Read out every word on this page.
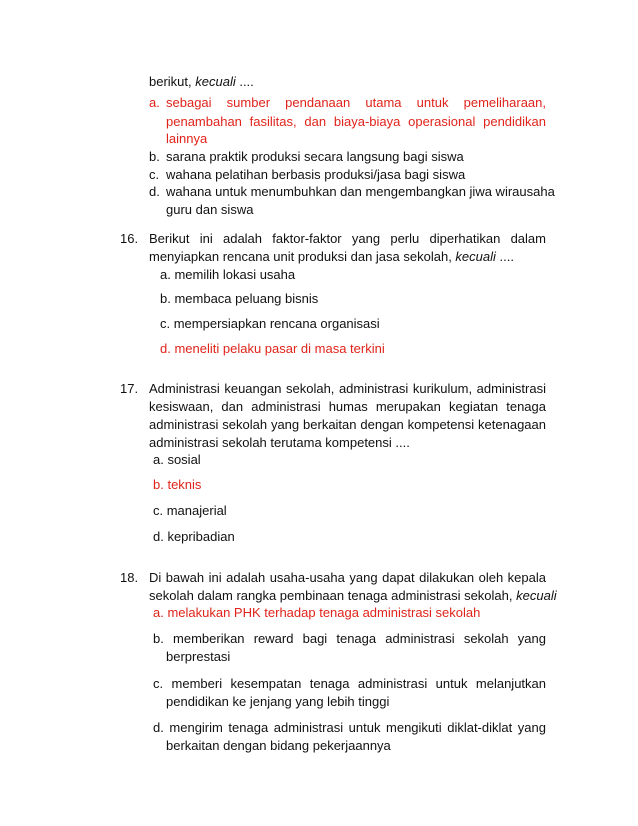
berikut, kecuali ....
a. sebagai sumber pendanaan utama untuk pemeliharaan,
penambahan fasilitas, dan biaya-biaya operasional pendidikan
lainnya
b. sarana praktik produksi secara langsung bagi siswa
c. wahana pelatihan berbasis produksi/jasa bagi siswa
d. wahana untuk menumbuhkan dan mengembangkan jiwa wirausaha
guru dan siswa
16. Berikut ini adalah faktor-faktor yang perlu diperhatikan dalam
menyiapkan rencana unit produksi dan jasa sekolah, kecuali ....
a. memilih lokasi usaha
b. membaca peluang bisnis
c. mempersiapkan rencana organisasi
d. meneliti pelaku pasar di masa terkini
17. Administrasi keuangan sekolah, administrasi kurikulum, administrasi
kesiswaan, dan administrasi humas merupakan kegiatan tenaga
administrasi sekolah yang berkaitan dengan kompetensi ketenagaan
administrasi sekolah terutama kompetensi ....
a. sosial
b. teknis
c. manajerial
d. kepribadian
18. Di bawah ini adalah usaha-usaha yang dapat dilakukan oleh kepala
sekolah dalam rangka pembinaan tenaga administrasi sekolah, kecuali
a. melakukan PHK terhadap tenaga administrasi sekolah
b. memberikan reward bagi tenaga administrasi sekolah yang
berprestasi
c. memberi kesempatan tenaga administrasi untuk melanjutkan
pendidikan ke jenjang yang lebih tinggi
d. mengirim tenaga administrasi untuk mengikuti diklat-diklat yang
berkaitan dengan bidang pekerjaannya
